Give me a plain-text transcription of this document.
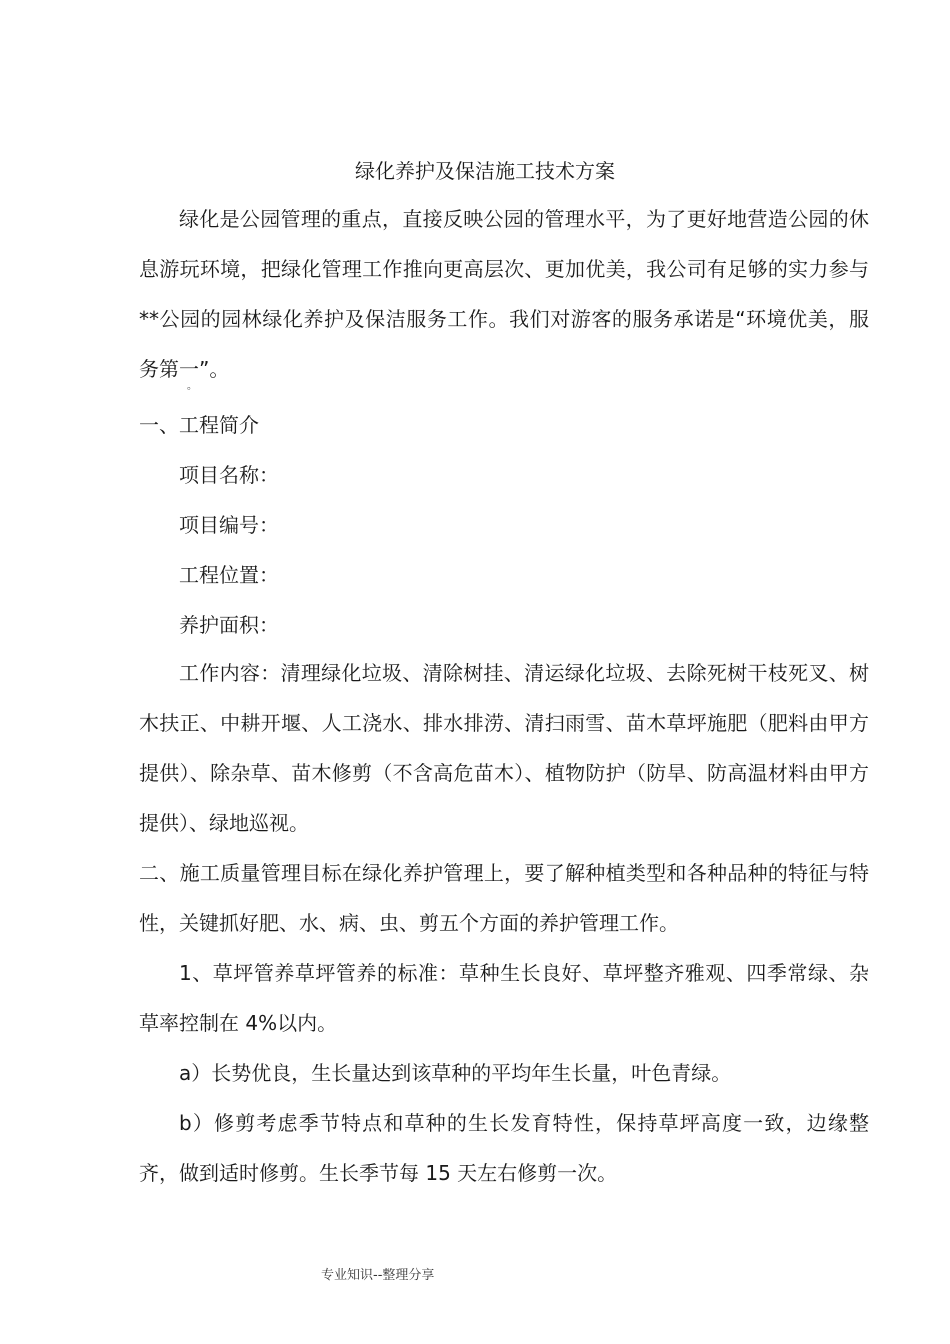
绿化养护及保洁施工技术方案

绿化是公园管理的重点，直接反映公园的管理水平，为了更好地营造公园的休息游玩环境，把绿化管理工作推向更高层次、更加优美，我公司有足够的实力参与**公园的园林绿化养护及保洁服务工作。我们对游客的服务承诺是“环境优美，服务第一”。

。
一、工程简介
项目名称：
项目编号：
工程位置：
养护面积：

工作内容：清理绿化垃圾、清除树挂、清运绿化垃圾、去除死树干枝死叉、树木扶正、中耕开堰、人工浇水、排水排涝、清扫雨雪、苗木草坪施肥（肥料由甲方提供）、除杂草、苗木修剪（不含高危苗木）、植物防护（防旱、防高温材料由甲方提供）、绿地巡视。

二、施工质量管理目标在绿化养护管理上，要了解种植类型和各种品种的特征与特性，关键抓好肥、水、病、虫、剪五个方面的养护管理工作。

1、草坪管养草坪管养的标准：草种生长良好、草坪整齐雅观、四季常绿、杂草率控制在 4%以内。

a）长势优良，生长量达到该草种的平均年生长量，叶色青绿。

b）修剪考虑季节特点和草种的生长发育特性，保持草坪高度一致，边缘整齐，做到适时修剪。生长季节每 15 天左右修剪一次。

专业知识--整理分享
